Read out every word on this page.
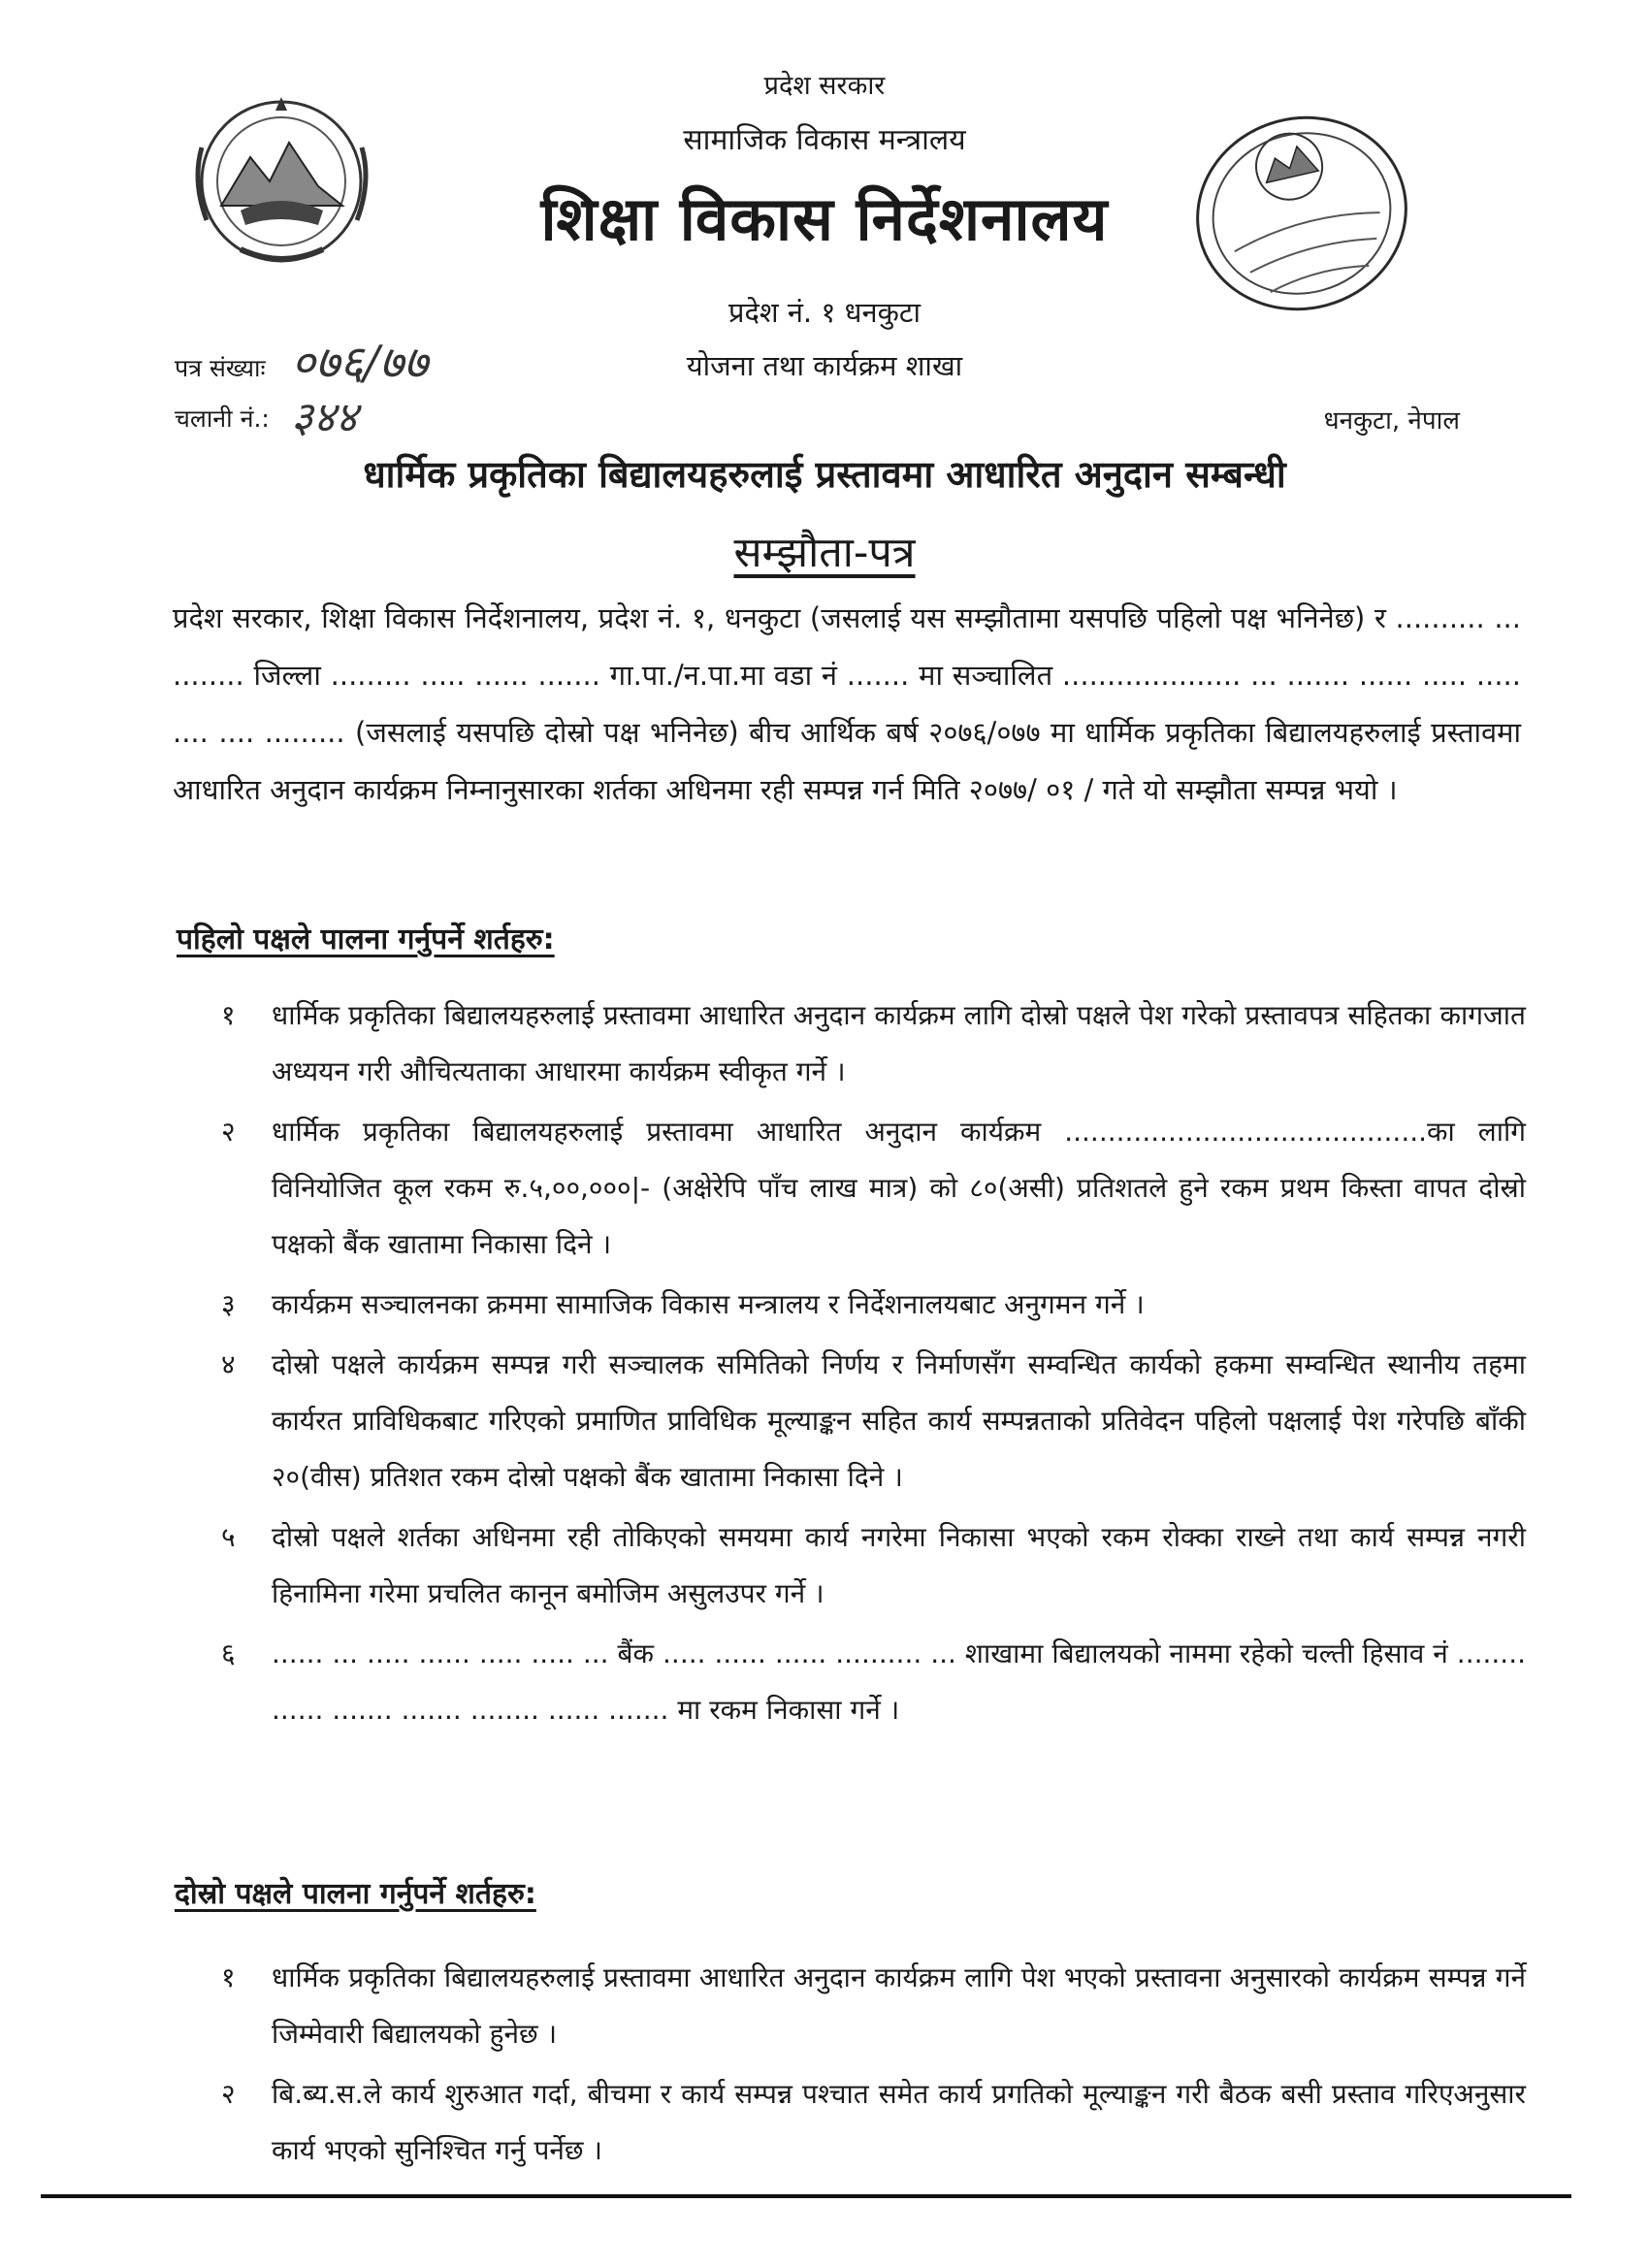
प्रदेश सरकार
सामाजिक विकास मन्त्रालय
शिक्षा विकास निर्देशनालय
प्रदेश नं. १ धनकुटा
योजना तथा कार्यक्रम शाखा
पत्र संख्याः ०७६/७७
चलानी नं.: ३४४	धनकुटा, नेपाल
धार्मिक प्रकृतिका बिद्यालयहरुलाई प्रस्तावमा आधारित अनुदान सम्बन्धी
सम्झौता-पत्र
प्रदेश सरकार, शिक्षा विकास निर्देशनालय, प्रदेश नं. १, धनकुटा (जसलाई यस सम्झौतामा यसपछि पहिलो पक्ष भनिनेछ) र .......... ... ........ जिल्ला ......... ..... ...... ....... गा.पा./न.पा.मा वडा नं ....... मा सञ्चालित .................... ... ....... ...... ..... ..... .... .... ......... (जसलाई यसपछि दोस्रो पक्ष भनिनेछ) बीच आर्थिक बर्ष २०७६/०७७ मा धार्मिक प्रकृतिका बिद्यालयहरुलाई प्रस्तावमा आधारित अनुदान कार्यक्रम निम्नानुसारका शर्तका अधिनमा रही सम्पन्न गर्न मिति २०७७/ ०१ / गते यो सम्झौता सम्पन्न भयो ।
पहिलो पक्षले पालना गर्नुपर्ने शर्तहरु:
१	धार्मिक प्रकृतिका बिद्यालयहरुलाई प्रस्तावमा आधारित अनुदान कार्यक्रम लागि दोस्रो पक्षले पेश गरेको प्रस्तावपत्र सहितका कागजात अध्ययन गरी औचित्यताका आधारमा कार्यक्रम स्वीकृत गर्ने ।
२	धार्मिक प्रकृतिका बिद्यालयहरुलाई प्रस्तावमा आधारित अनुदान कार्यक्रम ..........................................का लागि विनियोजित कूल रकम रु.५,००,०००|- (अक्षेरेपि पाँच लाख मात्र) को ८०(असी) प्रतिशतले हुने रकम प्रथम किस्ता वापत दोस्रो पक्षको बैंक खातामा निकासा दिने ।
३	कार्यक्रम सञ्चालनका क्रममा सामाजिक विकास मन्त्रालय र निर्देशनालयबाट अनुगमन गर्ने ।
४	दोस्रो पक्षले कार्यक्रम सम्पन्न गरी सञ्चालक समितिको निर्णय र निर्माणसँग सम्वन्धित कार्यको हकमा सम्वन्धित स्थानीय तहमा कार्यरत प्राविधिकबाट गरिएको प्रमाणित प्राविधिक मूल्याङ्कन सहित कार्य सम्पन्नताको प्रतिवेदन पहिलो पक्षलाई पेश गरेपछि बाँकी २०(वीस) प्रतिशत रकम दोस्रो पक्षको बैंक खातामा निकासा दिने ।
५	दोस्रो पक्षले शर्तका अधिनमा रही तोकिएको समयमा कार्य नगरेमा निकासा भएको रकम रोक्का राख्ने तथा कार्य सम्पन्न नगरी हिनामिना गरेमा प्रचलित कानून बमोजिम असुलउपर गर्ने ।
६	...... ... ..... ...... ..... ..... ... बैंक ..... ...... ...... .......... ... शाखामा बिद्यालयको नाममा रहेको चल्ती हिसाव नं ........ ...... ....... ....... ........ ...... ....... मा रकम निकासा गर्ने ।
दोस्रो पक्षले पालना गर्नुपर्ने शर्तहरु:
१	धार्मिक प्रकृतिका बिद्यालयहरुलाई प्रस्तावमा आधारित अनुदान कार्यक्रम लागि पेश भएको प्रस्तावना अनुसारको कार्यक्रम सम्पन्न गर्ने जिम्मेवारी बिद्यालयको हुनेछ ।
२	बि.ब्य.स.ले कार्य शुरुआत गर्दा, बीचमा र कार्य सम्पन्न पश्चात समेत कार्य प्रगतिको मूल्याङ्कन गरी बैठक बसी प्रस्ताव गरिएअनुसार कार्य भएको सुनिश्चित गर्नु पर्नेछ ।
